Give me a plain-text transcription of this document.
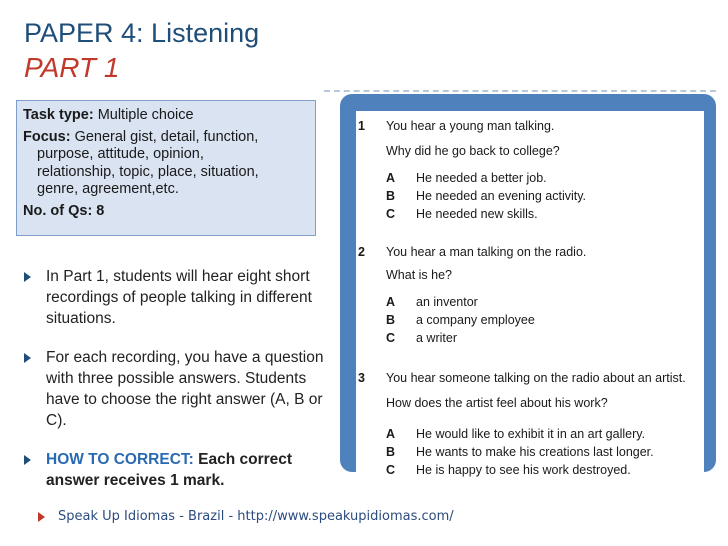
PAPER 4: Listening
PART 1

Task type: Multiple choice

Focus: General gist, detail, function,
purpose, attitude, opinion,
relationship, topic, place, situation,
genre, agreement,etc.

No. of Qs: 8

In Part 1, students will hear eight short recordings of people talking in different situations.
For each recording, you have a question with three possible answers. Students have to choose the right answer (A, B or C).
HOW TO CORRECT: Each correct answer receives 1 mark.
1 You hear a young man talking.
Why did he go back to college?
A He needed a better job.
B He needed an evening activity.
C He needed new skills.
2 You hear a man talking on the radio.
What is he?
A an inventor
B a company employee
C a writer
3 You hear someone talking on the radio about an artist.
How does the artist feel about his work?
A He would like to exhibit it in an art gallery.
B He wants to make his creations last longer.
C He is happy to see his work destroyed.
Speak Up Idiomas - Brazil - http://www.speakupidiomas.com/
